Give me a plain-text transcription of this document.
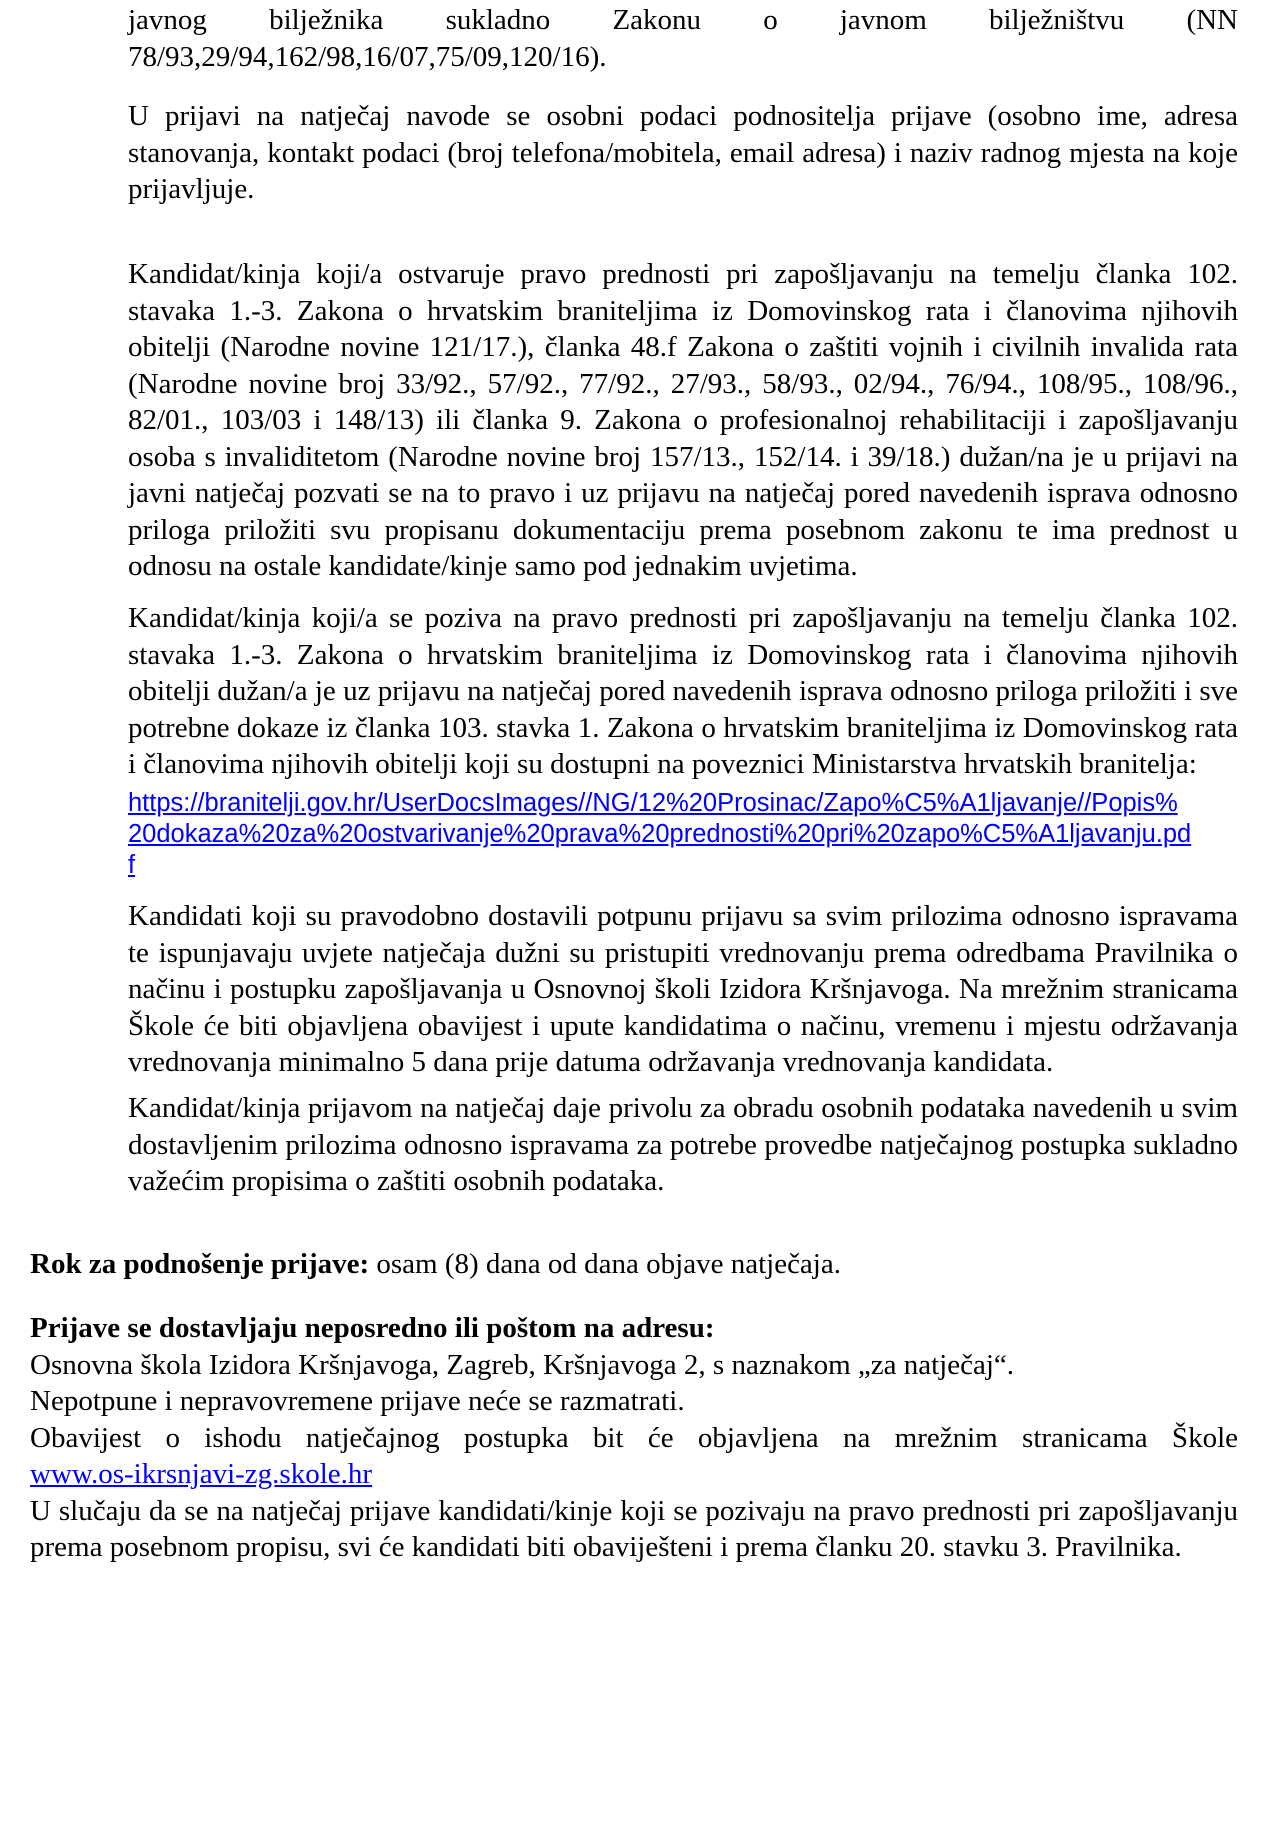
javnog bilježnika sukladno Zakonu o javnom bilježništvu (NN
78/93,29/94,162/98,16/07,75/09,120/16).

U prijavi na natječaj navode se osobni podaci podnositelja prijave (osobno ime, adresa stanovanja, kontakt podaci (broj telefona/mobitela, email adresa) i naziv radnog mjesta na koje prijavljuje.

Kandidat/kinja koji/a ostvaruje pravo prednosti pri zapošljavanju na temelju članka 102. stavaka 1.-3. Zakona o hrvatskim braniteljima iz Domovinskog rata i članovima njihovih obitelji (Narodne novine 121/17.), članka 48.f Zakona o zaštiti vojnih i civilnih invalida rata (Narodne novine broj 33/92., 57/92., 77/92., 27/93., 58/93., 02/94., 76/94., 108/95., 108/96., 82/01., 103/03 i 148/13) ili članka 9. Zakona o profesionalnoj rehabilitaciji i zapošljavanju osoba s invaliditetom (Narodne novine broj 157/13., 152/14. i 39/18.) dužan/na je u prijavi na javni natječaj pozvati se na to pravo i uz prijavu na natječaj pored navedenih isprava odnosno priloga priložiti svu propisanu dokumentaciju prema posebnom zakonu te ima prednost u odnosu na ostale kandidate/kinje samo pod jednakim uvjetima.

Kandidat/kinja koji/a se poziva na pravo prednosti pri zapošljavanju na temelju članka 102. stavaka 1.-3. Zakona o hrvatskim braniteljima iz Domovinskog rata i članovima njihovih obitelji dužan/a je uz prijavu na natječaj pored navedenih isprava odnosno priloga priložiti i sve potrebne dokaze iz članka 103. stavka 1. Zakona o hrvatskim braniteljima iz Domovinskog rata i članovima njihovih obitelji koji su dostupni na poveznici Ministarstva hrvatskih branitelja:

https://branitelji.gov.hr/UserDocsImages//NG/12%20Prosinac/Zapo%C5%A1ljavanje//Popis%
20dokaza%20za%20ostvarivanje%20prava%20prednosti%20pri%20zapo%C5%A1ljavanju.pd
f

Kandidati koji su pravodobno dostavili potpunu prijavu sa svim prilozima odnosno ispravama te ispunjavaju uvjete natječaja dužni su pristupiti vrednovanju prema odredbama Pravilnika o načinu i postupku zapošljavanja u Osnovnoj školi Izidora Kršnjavoga. Na mrežnim stranicama Škole će biti objavljena obavijest i upute kandidatima o načinu, vremenu i mjestu održavanja vrednovanja minimalno 5 dana prije datuma održavanja vrednovanja kandidata.

Kandidat/kinja prijavom na natječaj daje privolu za obradu osobnih podataka navedenih u svim dostavljenim prilozima odnosno ispravama za potrebe provedbe natječajnog postupka sukladno važećim propisima o zaštiti osobnih podataka.

Rok za podnošenje prijave: osam (8) dana od dana objave natječaja.

Prijave se dostavljaju neposredno ili poštom na adresu:
Osnovna škola Izidora Kršnjavoga, Zagreb, Kršnjavoga 2, s naznakom „za natječaj“.
Nepotpune i nepravovremene prijave neće se razmatrati.
Obavijest o ishodu natječajnog postupka bit će objavljena na mrežnim stranicama Škole
www.os-ikrsnjavi-zg.skole.hr
U slučaju da se na natječaj prijave kandidati/kinje koji se pozivaju na pravo prednosti pri zapošljavanju prema posebnom propisu, svi će kandidati biti obaviješteni i prema članku 20. stavku 3. Pravilnika.
